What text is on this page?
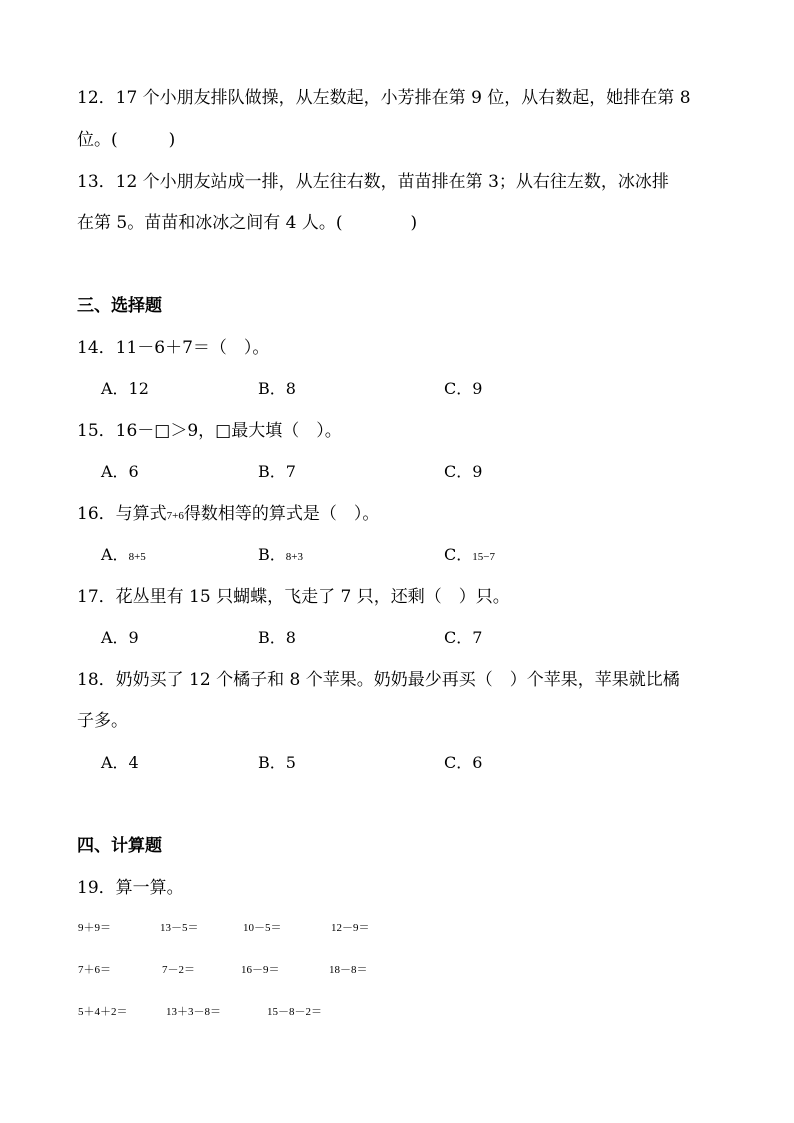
12．17 个小朋友排队做操，从左数起，小芳排在第 9 位，从右数起，她排在第 8
位。(　　　)
13．12 个小朋友站成一排，从左往右数，苗苗排在第 3；从右往左数，冰冰排
在第 5。苗苗和冰冰之间有 4 人。(　　　　)
三、选择题
14．11－6＋7＝（　）。
A．12	B．8	C．9
15．16－□＞9，□最大填（　）。
A．6	B．7	C．9
16．与算式7+6得数相等的算式是（　）。
A．8+5	B．8+3	C．15−7
17．花丛里有 15 只蝴蝶，飞走了 7 只，还剩（　）只。
A．9	B．8	C．7
18．奶奶买了 12 个橘子和 8 个苹果。奶奶最少再买（　）个苹果，苹果就比橘
子多。
A．4	B．5	C．6
四、计算题
19．算一算。
9＋9＝	13－5＝	10－5＝	12－9＝
7＋6＝	7－2＝	16－9＝	18－8＝
5＋4＋2＝	13＋3－8＝	15－8－2＝
